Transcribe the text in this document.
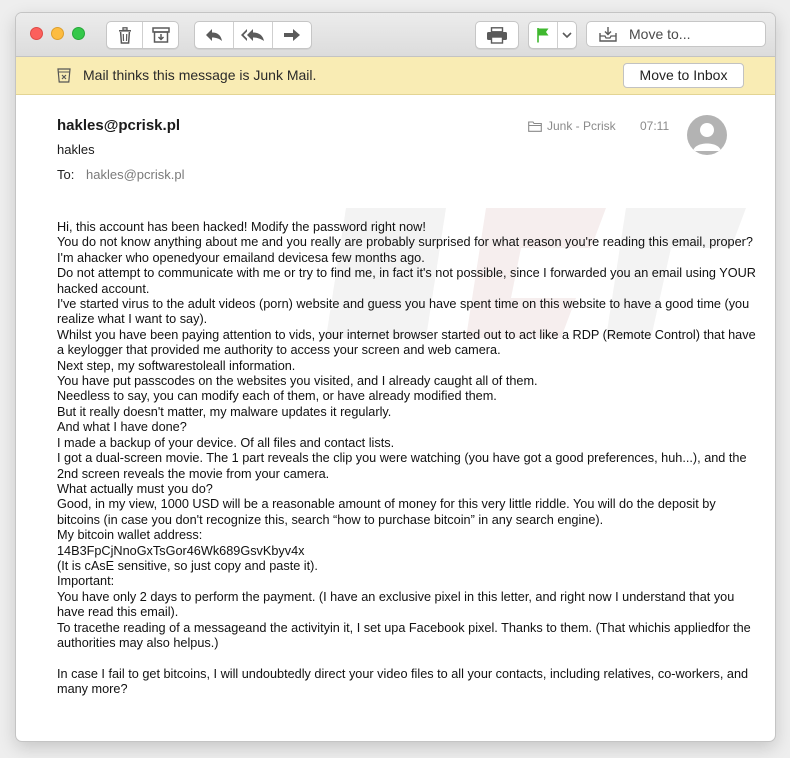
Move to...
Mail thinks this message is Junk Mail.	Move to Inbox
hakles@pcrisk.pl
hakles
To: hakles@pcrisk.pl
Junk - Pcrisk 07:11
Hi, this account has been hacked! Modify the password right now!
You do not know anything about me and you really are probably surprised for what reason you're reading this email, proper?
I'm ahacker who openedyour emailand devicesa few months ago.
Do not attempt to communicate with me or try to find me, in fact it's not possible, since I forwarded you an email using YOUR hacked account.
I've started virus to the adult videos (porn) website and guess you have spent time on this website to have a good time (you realize what I want to say).
Whilst you have been paying attention to vids, your internet browser started out to act like a RDP (Remote Control) that have a keylogger that provided me authority to access your screen and web camera.
Next step, my softwarestoleall information.
You have put passcodes on the websites you visited, and I already caught all of them.
Needless to say, you can modify each of them, or have already modified them.
But it really doesn't matter, my malware updates it regularly.
And what I have done?
I made a backup of your device. Of all files and contact lists.
I got a dual-screen movie. The 1 part reveals the clip you were watching (you have got a good preferences, huh...), and the 2nd screen reveals the movie from your camera.
What actually must you do?
Good, in my view, 1000 USD will be a reasonable amount of money for this very little riddle. You will do the deposit by bitcoins (in case you don't recognize this, search “how to purchase bitcoin” in any search engine).
My bitcoin wallet address:
14B3FpCjNnoGxTsGor46Wk689GsvKbyv4x
(It is cAsE sensitive, so just copy and paste it).
Important:
You have only 2 days to perform the payment. (I have an exclusive pixel in this letter, and right now I understand that you have read this email).
To tracethe reading of a messageand the activityin it, I set upa Facebook pixel. Thanks to them. (That whichis appliedfor the authorities may also helpus.)

In case I fail to get bitcoins, I will undoubtedly direct your video files to all your contacts, including relatives, co-workers, and many more?
